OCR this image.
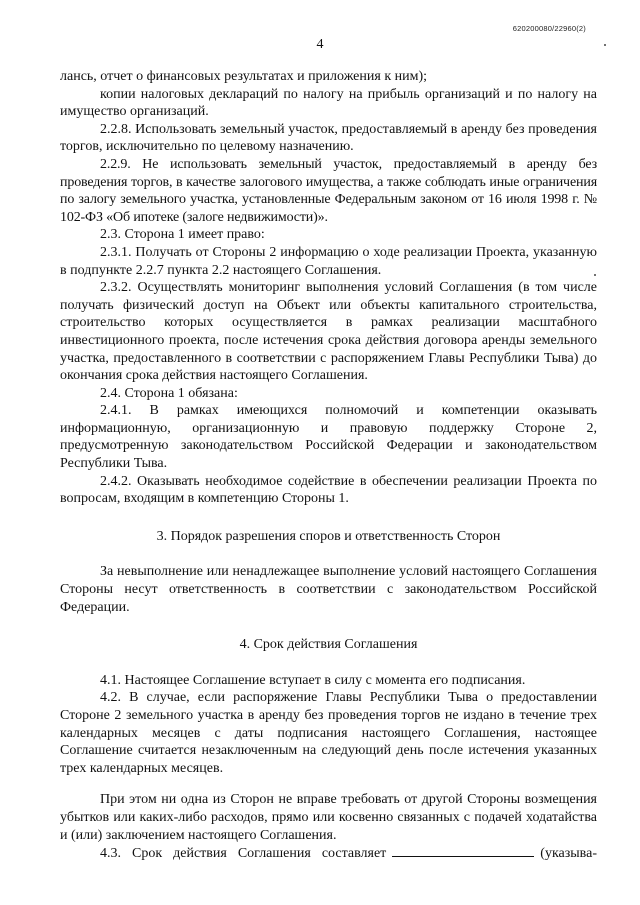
620200080/22960(2)
4

лансь, отчет о финансовых результатах и приложения к ним);

копии налоговых деклараций по налогу на прибыль организаций и по налогу на имущество организаций.

2.2.8. Использовать земельный участок, предоставляемый в аренду без проведения торгов, исключительно по целевому назначению.

2.2.9. Не использовать земельный участок, предоставляемый в аренду без проведения торгов, в качестве залогового имущества, а также соблюдать иные ограничения по залогу земельного участка, установленные Федеральным законом от 16 июля 1998 г. № 102-ФЗ «Об ипотеке (залоге недвижимости)».

2.3. Сторона 1 имеет право:

2.3.1. Получать от Стороны 2 информацию о ходе реализации Проекта, указанную в подпункте 2.2.7 пункта 2.2 настоящего Соглашения.

2.3.2. Осуществлять мониторинг выполнения условий Соглашения (в том числе получать физический доступ на Объект или объекты капитального строительства, строительство которых осуществляется в рамках реализации масштабного инвестиционного проекта, после истечения срока действия договора аренды земельного участка, предоставленного в соответствии с распоряжением Главы Республики Тыва) до окончания срока действия настоящего Соглашения.

2.4. Сторона 1 обязана:

2.4.1. В рамках имеющихся полномочий и компетенции оказывать информационную, организационную и правовую поддержку Стороне 2, предусмотренную законодательством Российской Федерации и законодательством Республики Тыва.

2.4.2. Оказывать необходимое содействие в обеспечении реализации Проекта по вопросам, входящим в компетенцию Стороны 1.

3. Порядок разрешения споров и ответственность Сторон

За невыполнение или ненадлежащее выполнение условий настоящего Соглашения Стороны несут ответственность в соответствии с законодательством Российской Федерации.

4. Срок действия Соглашения

4.1. Настоящее Соглашение вступает в силу с момента его подписания.

4.2. В случае, если распоряжение Главы Республики Тыва о предоставлении Стороне 2 земельного участка в аренду без проведения торгов не издано в течение трех календарных месяцев с даты подписания настоящего Соглашения, настоящее Соглашение считается незаключенным на следующий день после истечения указанных трех календарных месяцев.

При этом ни одна из Сторон не вправе требовать от другой Стороны возмещения убытков или каких-либо расходов, прямо или косвенно связанных с подачей ходатайства и (или) заключением настоящего Соглашения.

4.3. Срок действия Соглашения составляет	(указыва-
